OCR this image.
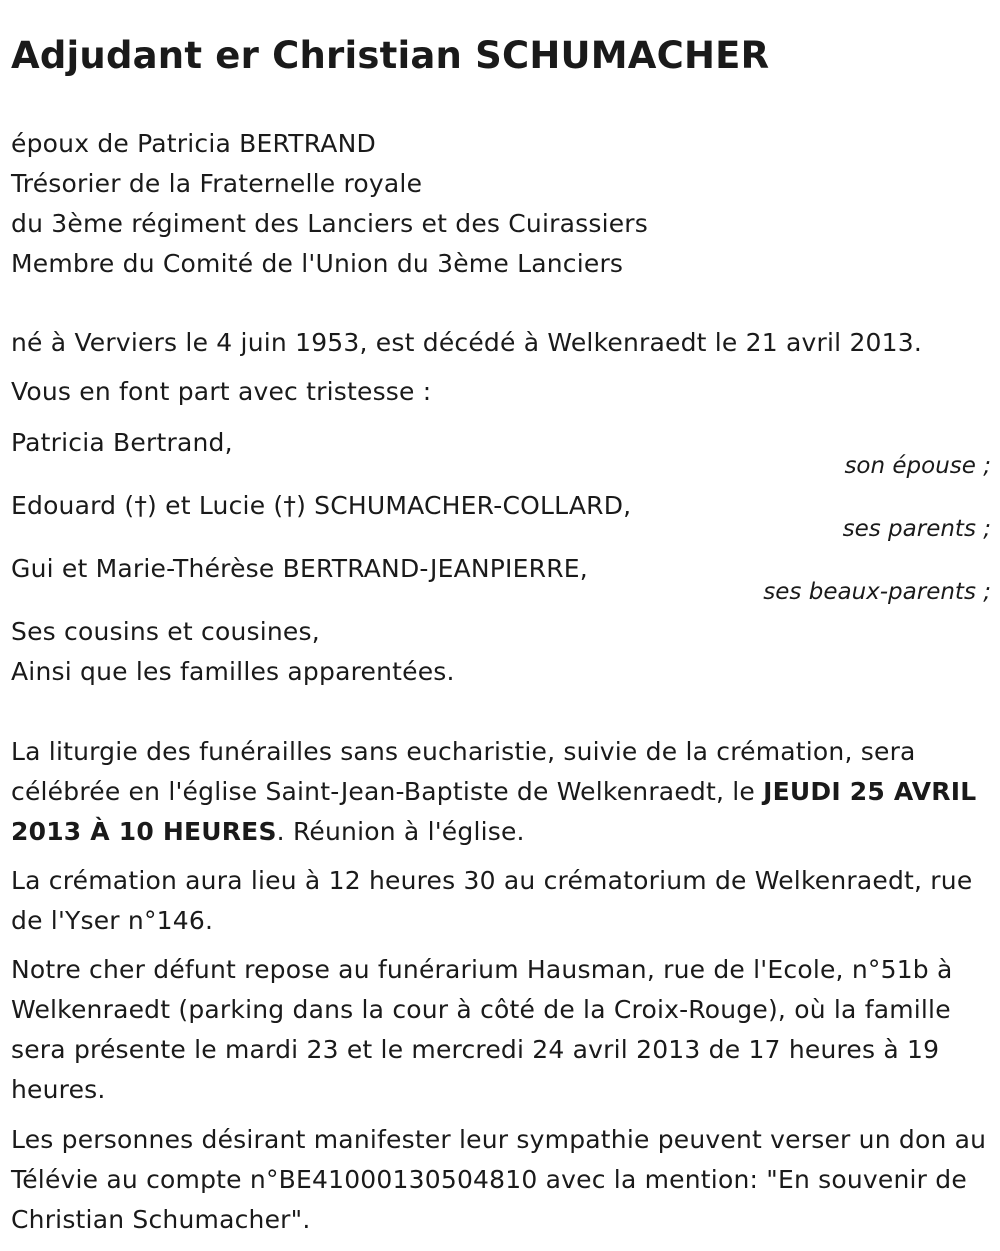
Adjudant er Christian SCHUMACHER
époux de Patricia BERTRAND
Trésorier de la Fraternelle royale
du 3ème régiment des Lanciers et des Cuirassiers
Membre du Comité de l'Union du 3ème Lanciers
né à Verviers le 4 juin 1953, est décédé à Welkenraedt le 21 avril 2013.
Vous en font part avec tristesse :
Patricia Bertrand,
son épouse ;
Edouard (†) et Lucie (†) SCHUMACHER-COLLARD,
ses parents ;
Gui et Marie-Thérèse BERTRAND-JEANPIERRE,
ses beaux-parents ;
Ses cousins et cousines,
Ainsi que les familles apparentées.
La liturgie des funérailles sans eucharistie, suivie de la crémation, sera célébrée en l'église Saint-Jean-Baptiste de Welkenraedt, le JEUDI 25 AVRIL 2013 À 10 HEURES. Réunion à l'église.
La crémation aura lieu à 12 heures 30 au crématorium de Welkenraedt, rue de l'Yser n°146.
Notre cher défunt repose au funérarium Hausman, rue de l'Ecole, n°51b à Welkenraedt (parking dans la cour à côté de la Croix-Rouge), où la famille sera présente le mardi 23 et le mercredi 24 avril 2013 de 17 heures à 19 heures.
Les personnes désirant manifester leur sympathie peuvent verser un don au Télévie au compte n°BE41000130504810 avec la mention: "En souvenir de Christian Schumacher".
